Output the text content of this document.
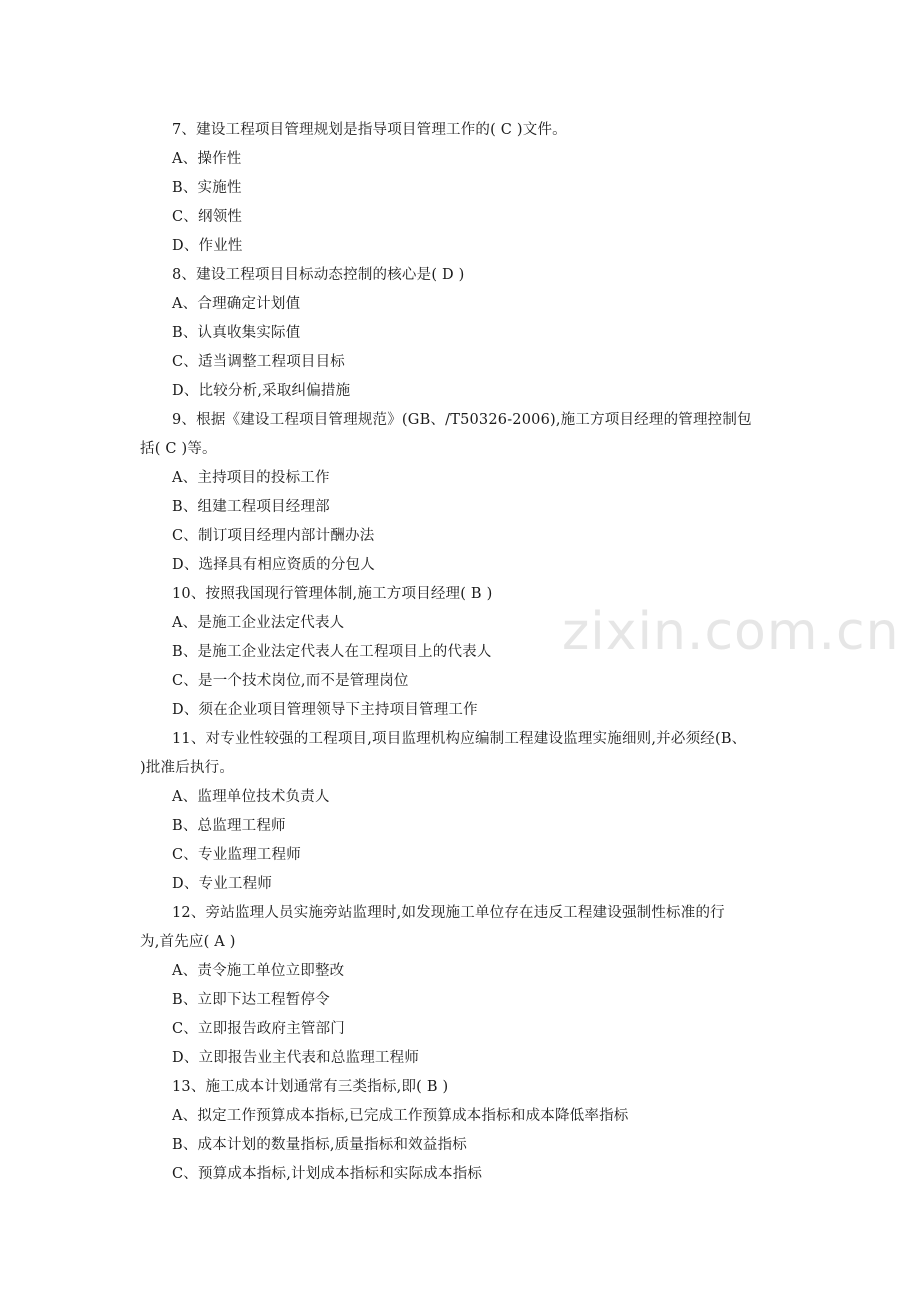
zixin.com.cn
7、建设工程项目管理规划是指导项目管理工作的( C )文件。
A、操作性
B、实施性
C、纲领性
D、作业性
8、建设工程项目目标动态控制的核心是( D )
A、合理确定计划值
B、认真收集实际值
C、适当调整工程项目目标
D、比较分析,采取纠偏措施
9、根据《建设工程项目管理规范》(GB、/T50326-2006),施工方项目经理的管理控制包
括( C )等。
A、主持项目的投标工作
B、组建工程项目经理部
C、制订项目经理内部计酬办法
D、选择具有相应资质的分包人
10、按照我国现行管理体制,施工方项目经理( B )
A、是施工企业法定代表人
B、是施工企业法定代表人在工程项目上的代表人
C、是一个技术岗位,而不是管理岗位
D、须在企业项目管理领导下主持项目管理工作
11、对专业性较强的工程项目,项目监理机构应编制工程建设监理实施细则,并必须经(B、
)批准后执行。
A、监理单位技术负责人
B、总监理工程师
C、专业监理工程师
D、专业工程师
12、旁站监理人员实施旁站监理时,如发现施工单位存在违反工程建设强制性标准的行
为,首先应( A )
A、责令施工单位立即整改
B、立即下达工程暂停令
C、立即报告政府主管部门
D、立即报告业主代表和总监理工程师
13、施工成本计划通常有三类指标,即( B )
A、拟定工作预算成本指标,已完成工作预算成本指标和成本降低率指标
B、成本计划的数量指标,质量指标和效益指标
C、预算成本指标,计划成本指标和实际成本指标
